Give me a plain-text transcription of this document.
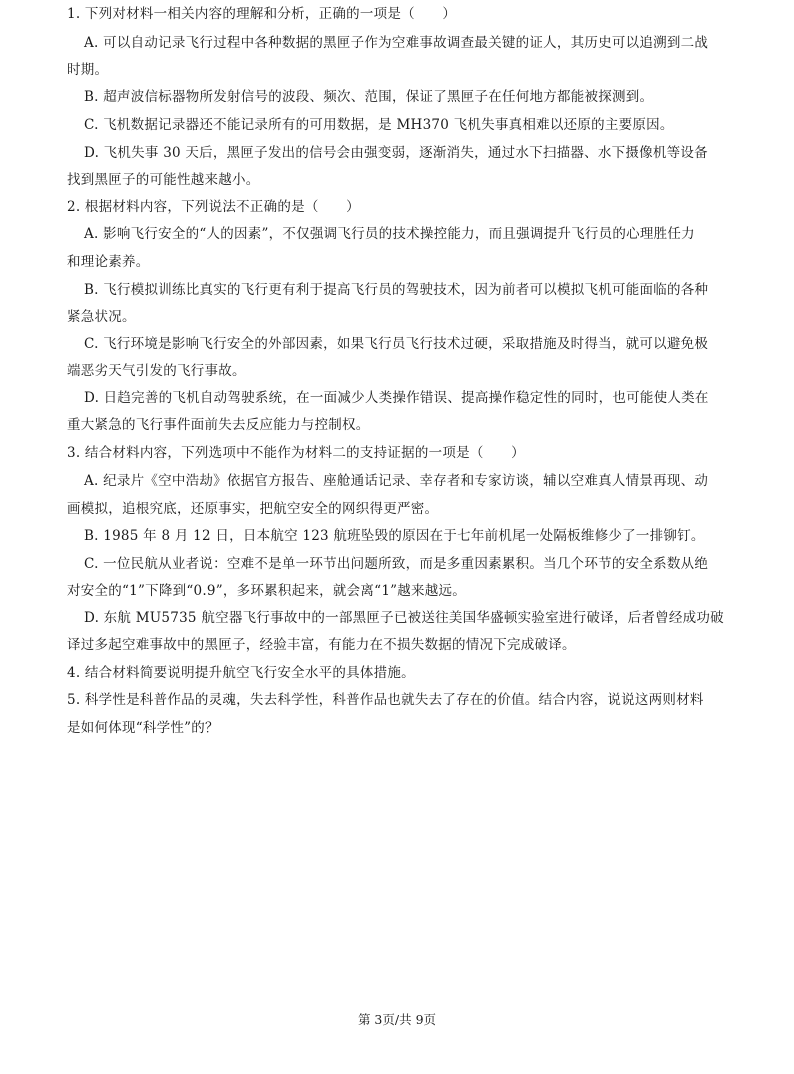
1. 下列对材料一相关内容的理解和分析，正确的一项是（　　）
A. 可以自动记录飞行过程中各种数据的黑匣子作为空难事故调查最关键的证人，其历史可以追溯到二战
时期。
B. 超声波信标器物所发射信号的波段、频次、范围，保证了黑匣子在任何地方都能被探测到。
C. 飞机数据记录器还不能记录所有的可用数据，是 MH370 飞机失事真相难以还原的主要原因。
D. 飞机失事 30 天后，黑匣子发出的信号会由强变弱，逐渐消失，通过水下扫描器、水下摄像机等设备
找到黑匣子的可能性越来越小。
2. 根据材料内容，下列说法不正确的是（　　）
A. 影响飞行安全的“人的因素”，不仅强调飞行员的技术操控能力，而且强调提升飞行员的心理胜任力
和理论素养。
B. 飞行模拟训练比真实的飞行更有利于提高飞行员的驾驶技术，因为前者可以模拟飞机可能面临的各种
紧急状况。
C. 飞行环境是影响飞行安全的外部因素，如果飞行员飞行技术过硬，采取措施及时得当，就可以避免极
端恶劣天气引发的飞行事故。
D. 日趋完善的飞机自动驾驶系统，在一面减少人类操作错误、提高操作稳定性的同时，也可能使人类在
重大紧急的飞行事件面前失去反应能力与控制权。
3. 结合材料内容，下列选项中不能作为材料二的支持证据的一项是（　　）
A. 纪录片《空中浩劫》依据官方报告、座舱通话记录、幸存者和专家访谈，辅以空难真人情景再现、动
画模拟，追根究底，还原事实，把航空安全的网织得更严密。
B. 1985 年 8 月 12 日，日本航空 123 航班坠毁的原因在于七年前机尾一处隔板维修少了一排铆钉。
C. 一位民航从业者说：空难不是单一环节出问题所致，而是多重因素累积。当几个环节的安全系数从绝
对安全的“1”下降到“0.9”，多环累积起来，就会离“1”越来越远。
D. 东航 MU5735 航空器飞行事故中的一部黑匣子已被送往美国华盛顿实验室进行破译，后者曾经成功破
译过多起空难事故中的黑匣子，经验丰富，有能力在不损失数据的情况下完成破译。
4. 结合材料简要说明提升航空飞行安全水平的具体措施。
5. 科学性是科普作品的灵魂，失去科学性，科普作品也就失去了存在的价值。结合内容，说说这两则材料
是如何体现“科学性”的？
第 3页/共 9页
